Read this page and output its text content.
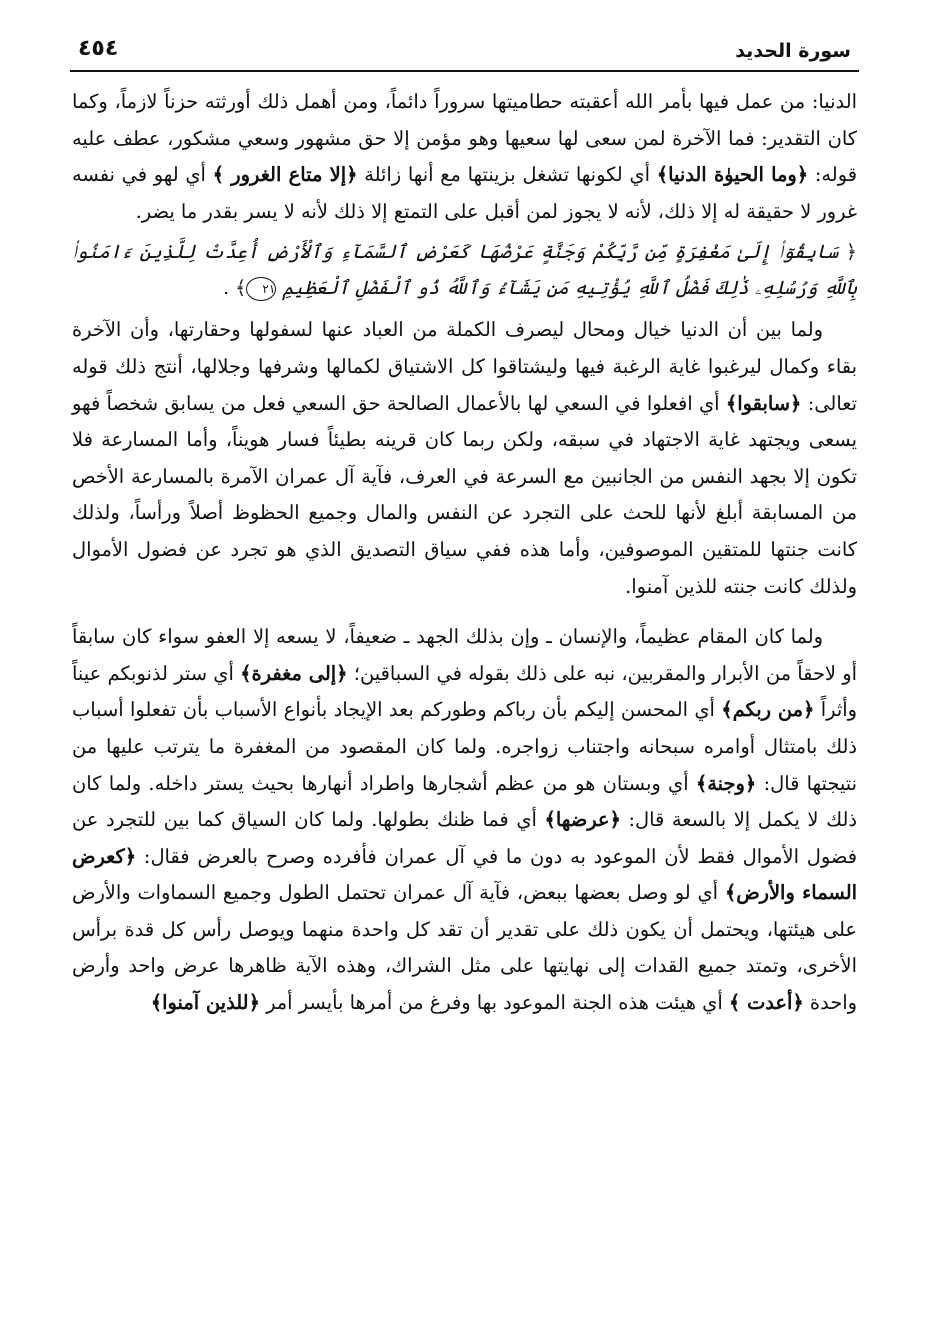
٤٥٤	سورة الحديد

الدنيا: من عمل فيها بأمر الله أعقبته حطاميتها سروراً دائماً، ومن أهمل ذلك أورثته حزناً لازماً، وكما كان التقدير: فما الآخرة لمن سعى لها سعيها وهو مؤمن إلا حق مشهور وسعي مشكور، عطف عليه قوله: ﴿وما الحيوٰة الدنيا﴾ أي لكونها تشغل بزينتها مع أنها زائلة ﴿إلا متاع الغرور ﴾ أي لهو في نفسه غرور لا حقيقة له إلا ذلك، لأنه لا يجوز لمن أقبل على التمتع إلا ذلك لأنه لا يسر بقدر ما يضر.

﴿ سَابِقُوٓا۟ إِلَىٰ مَغْفِرَةٍ مِّن رَّبِّكُمْ وَجَنَّةٍ عَرْضُهَا كَعَرْضِ ٱلسَّمَآءِ وَٱلْأَرْضِ أُعِدَّتْ لِلَّذِينَ ءَامَنُوا۟ بِٱللَّهِ وَرُسُلِهِۦ ذَٰلِكَ فَضْلُ ٱللَّهِ يُؤْتِيهِ مَن يَشَآءُ وَٱللَّهُ ذُو ٱلْفَضْلِ ٱلْعَظِيمِ ٢١﴾ .

ولما بين أن الدنيا خيال ومحال ليصرف الكملة من العباد عنها لسفولها وحقارتها، وأن الآخرة بقاء وكمال ليرغبوا غاية الرغبة فيها وليشتاقوا كل الاشتياق لكمالها وشرفها وجلالها، أنتج ذلك قوله تعالى: ﴿سابقوا﴾ أي افعلوا في السعي لها بالأعمال الصالحة حق السعي فعل من يسابق شخصاً فهو يسعى ويجتهد غاية الاجتهاد في سبقه، ولكن ربما كان قرينه بطيئاً فسار هويناً، وأما المسارعة فلا تكون إلا بجهد النفس من الجانبين مع السرعة في العرف، فآية آل عمران الآمرة بالمسارعة الأخص من المسابقة أبلغ لأنها للحث على التجرد عن النفس والمال وجميع الحظوظ أصلاً ورأساً، ولذلك كانت جنتها للمتقين الموصوفين، وأما هذه ففي سياق التصديق الذي هو تجرد عن فضول الأموال ولذلك كانت جنته للذين آمنوا.

ولما كان المقام عظيماً، والإنسان ـ وإن بذلك الجهد ـ ضعيفاً، لا يسعه إلا العفو سواء كان سابقاً أو لاحقاً من الأبرار والمقربين، نبه على ذلك بقوله في السباقين؛ ﴿إلى مغفرة﴾ أي ستر لذنوبكم عيناً وأثراً ﴿من ربكم﴾ أي المحسن إليكم بأن رباكم وطوركم بعد الإيجاد بأنواع الأسباب بأن تفعلوا أسباب ذلك بامتثال أوامره سبحانه واجتناب زواجره. ولما كان المقصود من المغفرة ما يترتب عليها من نتيجتها قال: ﴿وجنة﴾ أي وبستان هو من عظم أشجارها واطراد أنهارها بحيث يستر داخله. ولما كان ذلك لا يكمل إلا بالسعة قال: ﴿عرضها﴾ أي فما ظنك بطولها. ولما كان السياق كما بين للتجرد عن فضول الأموال فقط لأن الموعود به دون ما في آل عمران فأفرده وصرح بالعرض فقال: ﴿كعرض السماء والأرض﴾ أي لو وصل بعضها ببعض، فآية آل عمران تحتمل الطول وجميع السماوات والأرض على هيئتها، ويحتمل أن يكون ذلك على تقدير أن تقد كل واحدة منهما ويوصل رأس كل قدة برأس الأخرى، وتمتد جميع القدات إلى نهايتها على مثل الشراك، وهذه الآية ظاهرها عرض واحد وأرض واحدة ﴿أعدت ﴾ أي هيئت هذه الجنة الموعود بها وفرغ من أمرها بأيسر أمر ﴿للذين آمنوا﴾
